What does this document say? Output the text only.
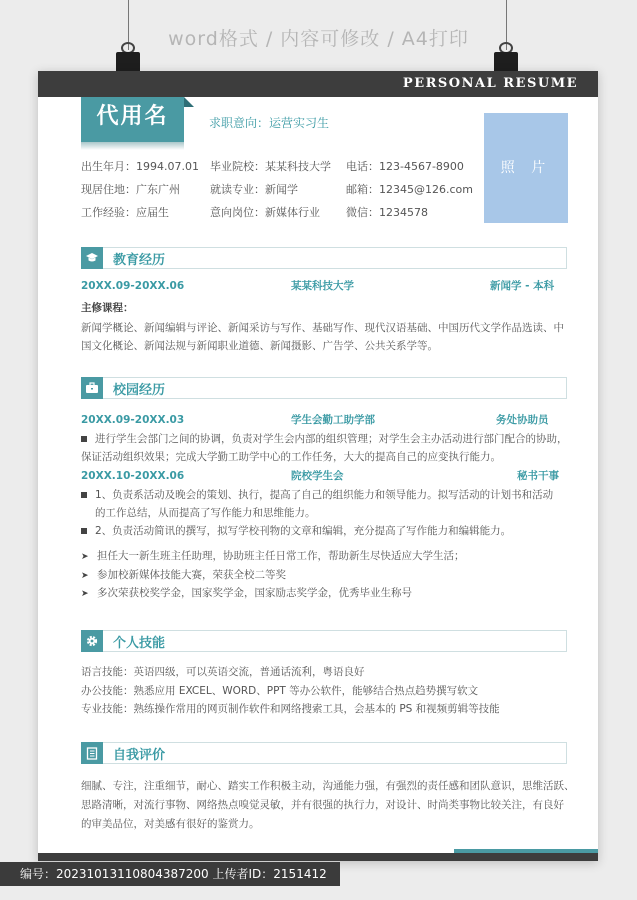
word格式 / 内容可修改 / A4打印
PERSONAL RESUME
代用名	求职意向：运营实习生
出生年月：1994.07.01 毕业院校：某某科技大学 电话：123-4567-8900
现居住地：广东广州	就读专业：新闻学	邮箱：12345@126.com
工作经验：应届生	意向岗位：新媒体行业 微信：1234578
照 片
教育经历
20XX.09-20XX.06	某某科技大学	新闻学 - 本科
主修课程：
新闻学概论、新闻编辑与评论、新闻采访与写作、基础写作、现代汉语基础、中国历代文学作品选读、中
国文化概论、新闻法规与新闻职业道德、新闻摄影、广告学、公共关系学等。
校园经历
20XX.09-20XX.03	学生会勤工助学部	务处协助员
进行学生会部门之间的协调，负责对学生会内部的组织管理；对学生会主办活动进行部门配合的协助，
保证活动组织效果；完成大学勤工助学中心的工作任务，大大的提高自己的应变执行能力。
20XX.10-20XX.06	院校学生会	秘书干事
1、负责系活动及晚会的策划、执行，提高了自己的组织能力和领导能力。拟写活动的计划书和活动
的工作总结，从而提高了写作能力和思维能力。
2、负责活动简讯的撰写，拟写学校刊物的文章和编辑，充分提高了写作能力和编辑能力。
➤ 担任大一新生班主任助理，协助班主任日常工作，帮助新生尽快适应大学生活；
➤ 参加校新媒体技能大赛，荣获全校二等奖
➤ 多次荣获校奖学金，国家奖学金，国家励志奖学金，优秀毕业生称号
个人技能
语言技能：英语四级，可以英语交流，普通话流利，粤语良好
办公技能：熟悉应用 EXCEL、WORD、PPT 等办公软件，能够结合热点趋势撰写软文
专业技能：熟练操作常用的网页制作软件和网络搜索工具，会基本的 PS 和视频剪辑等技能
自我评价
细腻、专注，注重细节，耐心、踏实工作积极主动，沟通能力强，有强烈的责任感和团队意识，思维活跃、
思路清晰，对流行事物、网络热点嗅觉灵敏，并有很强的执行力，对设计、时尚类事物比较关注，有良好
的审美品位，对美感有很好的鉴赏力。
编号：20231013110804387200 上传者ID：2151412
